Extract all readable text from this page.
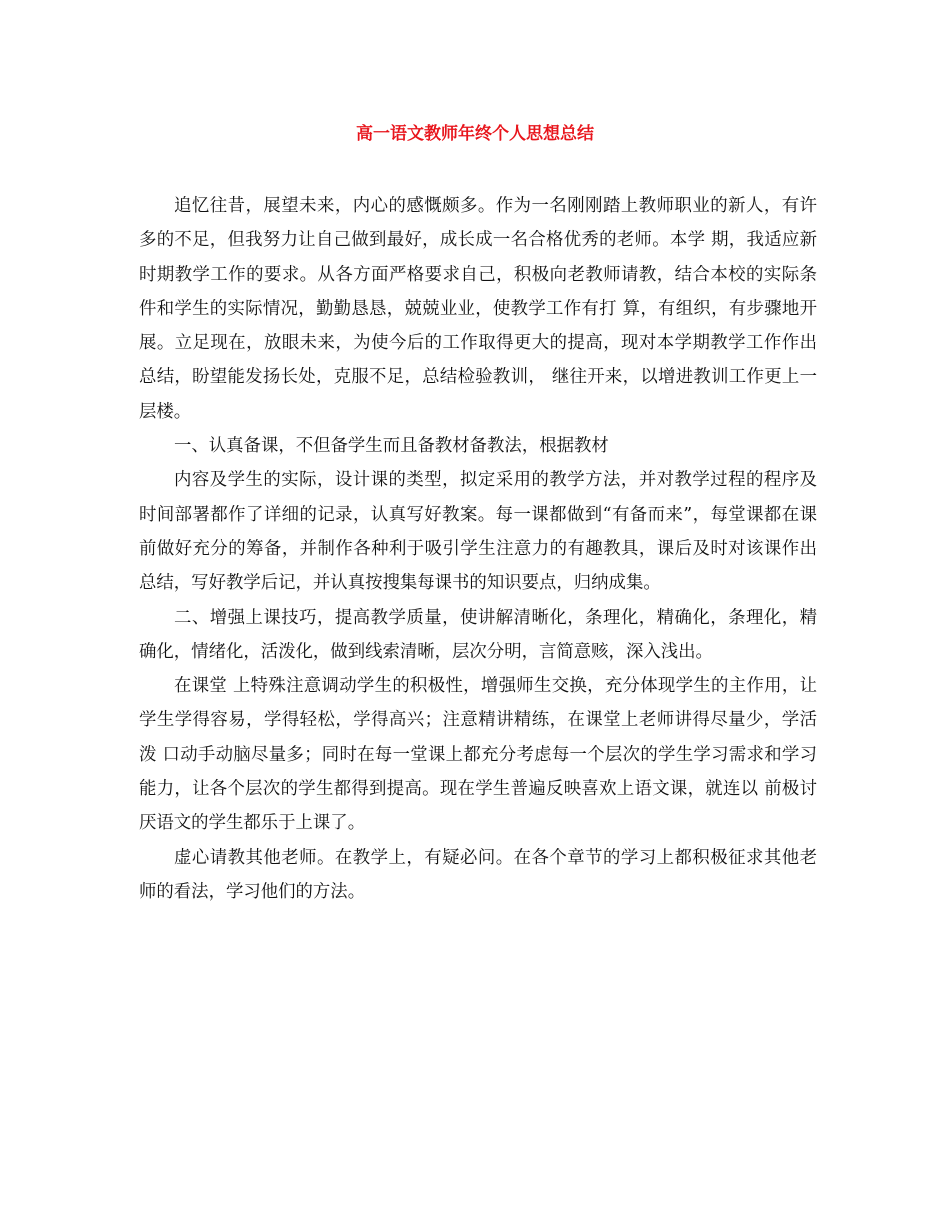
高一语文教师年终个人思想总结

追忆往昔，展望未来，内心的感慨颇多。作为一名刚刚踏上教师职业的新人，有许多的不足，但我努力让自己做到最好，成长成一名合格优秀的老师。本学 期，我适应新时期教学工作的要求。从各方面严格要求自己，积极向老教师请教，结合本校的实际条件和学生的实际情况，勤勤恳恳，兢兢业业，使教学工作有打 算，有组织，有步骤地开展。立足现在，放眼未来，为使今后的工作取得更大的提高，现对本学期教学工作作出总结，盼望能发扬长处，克服不足，总结检验教训， 继往开来，以增进教训工作更上一层楼。

一、认真备课，不但备学生而且备教材备教法，根据教材

内容及学生的实际，设计课的类型，拟定采用的教学方法，并对教学过程的程序及时间部署都作了详细的记录，认真写好教案。每一课都做到“有备而来”，每堂课都在课前做好充分的筹备，并制作各种利于吸引学生注意力的有趣教具，课后及时对该课作出总结，写好教学后记，并认真按搜集每课书的知识要点，归纳成集。

二、增强上课技巧，提高教学质量，使讲解清晰化，条理化，精确化，条理化，精确化，情绪化，活泼化，做到线索清晰，层次分明，言简意赅，深入浅出。

在课堂 上特殊注意调动学生的积极性，增强师生交换，充分体现学生的主作用，让学生学得容易，学得轻松，学得高兴；注意精讲精练，在课堂上老师讲得尽量少，学活泼 口动手动脑尽量多；同时在每一堂课上都充分考虑每一个层次的学生学习需求和学习能力，让各个层次的学生都得到提高。现在学生普遍反映喜欢上语文课，就连以 前极讨厌语文的学生都乐于上课了。

虚心请教其他老师。在教学上，有疑必问。在各个章节的学习上都积极征求其他老师的看法，学习他们的方法。
